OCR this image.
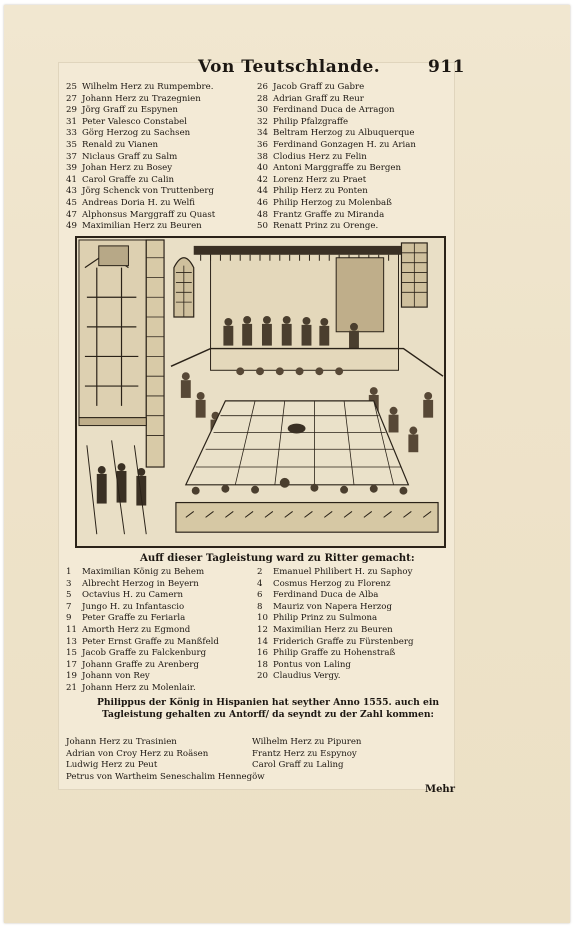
Von Teutschlande.	911
25 Wilhelm Herz zu Rumpembre.
27 Johann Herz zu Trazegnien
29 Jörg Graff zu Espynen
31 Peter Valesco Constabel
33 Görg Herzog zu Sachsen
35 Renald zu Vianen
37 Niclaus Graff zu Salm
39 Johan Herz zu Bosey
41 Carol Graffe zu Calin
43 Jörg Schenck von Truttenberg
45 Andreas Doria H. zu Welfi
47 Alphonsus Marggraff zu Quast
49 Maximilian Herz zu Beuren
26 Jacob Graff zu Gabre
28 Adrian Graff zu Reur
30 Ferdinand Duca de Arragon
32 Philip Pfalzgraffe
34 Beltram Herzog zu Albuquerque
36 Ferdinand Gonzagen H. zu Arian
38 Clodius Herz zu Felin
40 Antoni Marggraffe zu Bergen
42 Lorenz Herz zu Praet
44 Philip Herz zu Ponten
46 Philip Herzog zu Molenbaß
48 Frantz Graffe zu Miranda
50 Renatt Prinz zu Orenge.
Auff dieser Tagleistung ward zu Ritter gemacht:
1 Maximilian König zu Behem
3 Albrecht Herzog in Beyern
5 Octavius H. zu Camern
7 Jungo H. zu Infantascio
9 Peter Graffe zu Feriarla
11 Amorth Herz zu Egmond
13 Peter Ernst Graffe zu Manßfeld
15 Jacob Graffe zu Falckenburg
17 Johann Graffe zu Arenberg
19 Johann von Rey
21 Johann Herz zu Molenlair.
2 Emanuel Philibert H. zu Saphoy
4 Cosmus Herzog zu Florenz
6 Ferdinand Duca de Alba
8 Mauriz von Napera Herzog
10 Philip Prinz zu Sulmona
12 Maximilian Herz zu Beuren
14 Friderich Graffe zu Fürstenberg
16 Philip Graffe zu Hohenstraß
18 Pontus von Laling
20 Claudius Vergy.
Philippus der König in Hispanien hat seyther Anno 1555. auch ein Tagleistung gehalten zu Antorff/ da seyndt zu der Zahl kommen:
Johann Herz zu Trasinien
Adrian von Croy Herz zu Roäsen
Ludwig Herz zu Peut
Petrus von Wartheim Seneschalim Hennegöw
Wilhelm Herz zu Pipuren
Frantz Herz zu Espynoy
Carol Graff zu Laling
Mehr
